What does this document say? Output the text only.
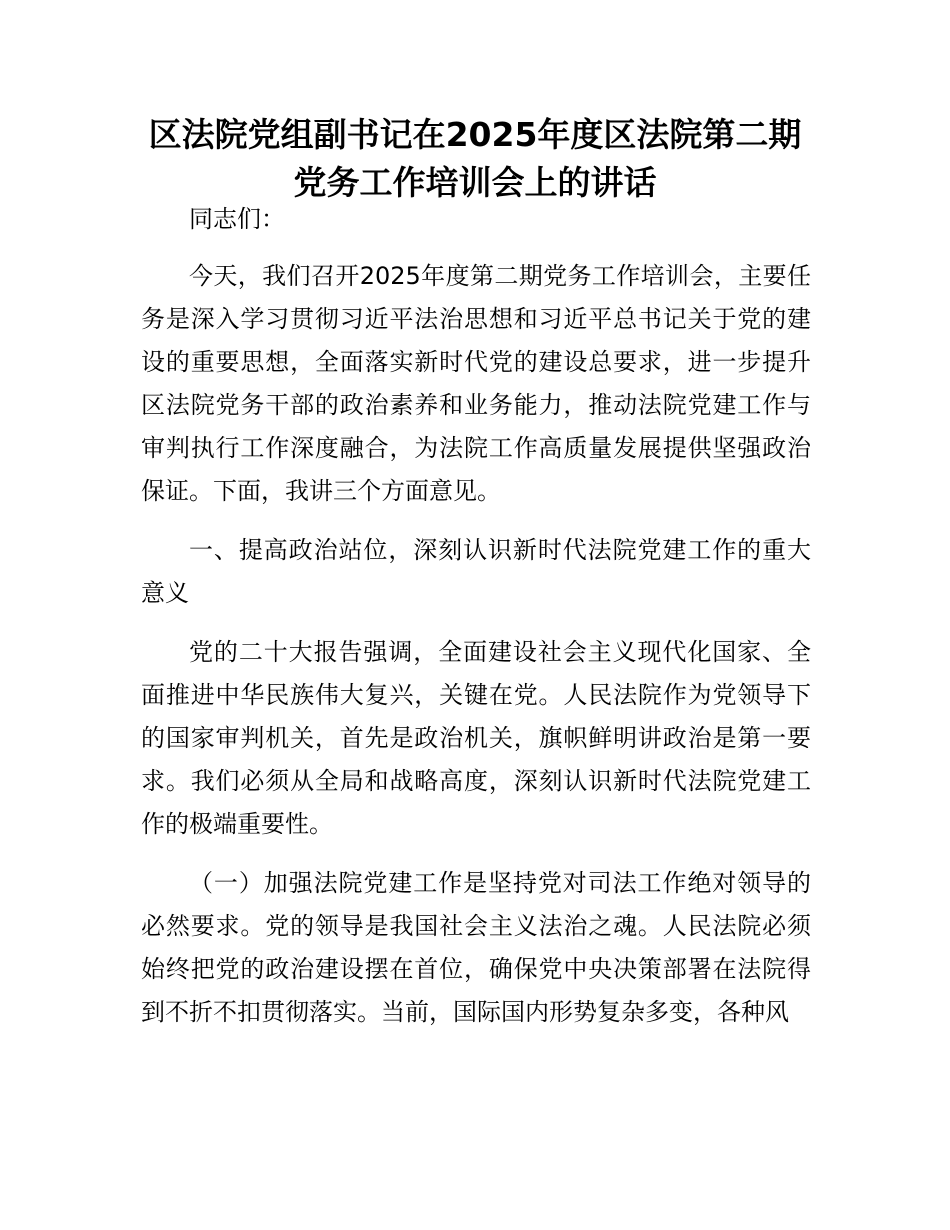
区法院党组副书记在2025年度区法院第二期
党务工作培训会上的讲话

同志们：

今天，我们召开2025年度第二期党务工作培训会，主要任务是深入学习贯彻习近平法治思想和习近平总书记关于党的建设的重要思想，全面落实新时代党的建设总要求，进一步提升区法院党务干部的政治素养和业务能力，推动法院党建工作与审判执行工作深度融合，为法院工作高质量发展提供坚强政治保证。下面，我讲三个方面意见。

一、提高政治站位，深刻认识新时代法院党建工作的重大意义

党的二十大报告强调，全面建设社会主义现代化国家、全面推进中华民族伟大复兴，关键在党。人民法院作为党领导下的国家审判机关，首先是政治机关，旗帜鲜明讲政治是第一要求。我们必须从全局和战略高度，深刻认识新时代法院党建工作的极端重要性。

（一）加强法院党建工作是坚持党对司法工作绝对领导的必然要求。党的领导是我国社会主义法治之魂。人民法院必须始终把党的政治建设摆在首位，确保党中央决策部署在法院得到不折不扣贯彻落实。当前，国际国内形势复杂多变，各种风
